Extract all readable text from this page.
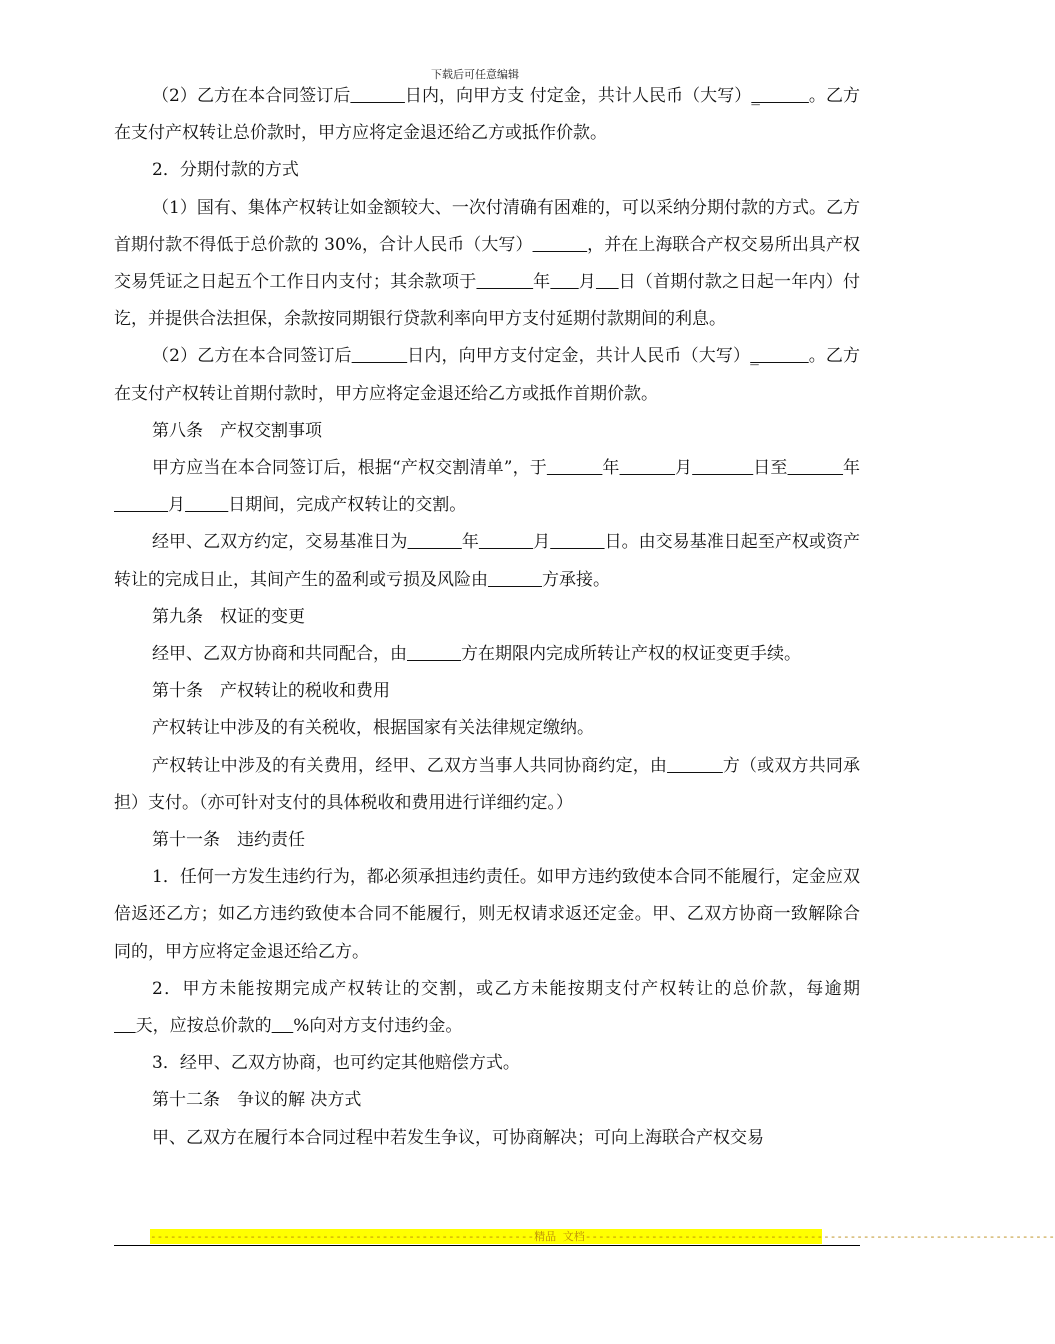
下载后可任意编辑

（2）乙方在本合同签订后	日内，向甲方支 付定金，共计人民币（大写）_         。乙方在支付产权转让总价款时，甲方应将定金退还给乙方或抵作价款。

2．分期付款的方式

（1）国有、集体产权转让如金额较大、一次付清确有困难的，可以采纳分期付款的方式。乙方首期付款不得低于总价款的 30%，合计人民币（大写）	，并在上海联合产权交易所出具产权交易凭证之日起五个工作日内支付；其余款项于	年 月 日（首期付款之日起一年内）付讫，并提供合法担保，余款按同期银行贷款利率向甲方支付延期付款期间的利息。

（2）乙方在本合同签订后	日内，向甲方支付定金，共计人民币（大写）_         。乙方在支付产权转让首期付款时，甲方应将定金退还给乙方或抵作首期价款。

第八条　产权交割事项

甲方应当在本合同签订后，根据“产权交割清单”，于	年	月	日至	年          月	日期间，完成产权转让的交割。

经甲、乙双方约定，交易基准日为	年	月	日。由交易基准日起至产权或资产转让的完成日止，其间产生的盈利或亏损及风险由	方承接。

第九条　权证的变更

经甲、乙双方协商和共同配合，由	方在期限内完成所转让产权的权证变更手续。

第十条　产权转让的税收和费用

产权转让中涉及的有关税收，根据国家有关法律规定缴纳。

产权转让中涉及的有关费用，经甲、乙双方当事人共同协商约定，由	方（或双方共同承担）支付。（亦可针对支付的具体税收和费用进行详细约定。）

第十一条　违约责任

1．任何一方发生违约行为，都必须承担违约责任。如甲方违约致使本合同不能履行，定金应双倍返还乙方；如乙方违约致使本合同不能履行，则无权请求返还定金。甲、乙双方协商一致解除合同的，甲方应将定金退还给乙方。

2．甲方未能按期完成产权转让的交割，或乙方未能按期支付产权转让的总价款，每逾期    天，应按总价款的 %向对方支付违约金。

3．经甲、乙双方协商，也可约定其他赔偿方式。

第十二条　争议的解 决方式

甲、乙双方在履行本合同过程中若发生争议，可协商解决；可向上海联合产权交易

----------------------------------------------------------精品 文档-----------------------------------------------------------------------
